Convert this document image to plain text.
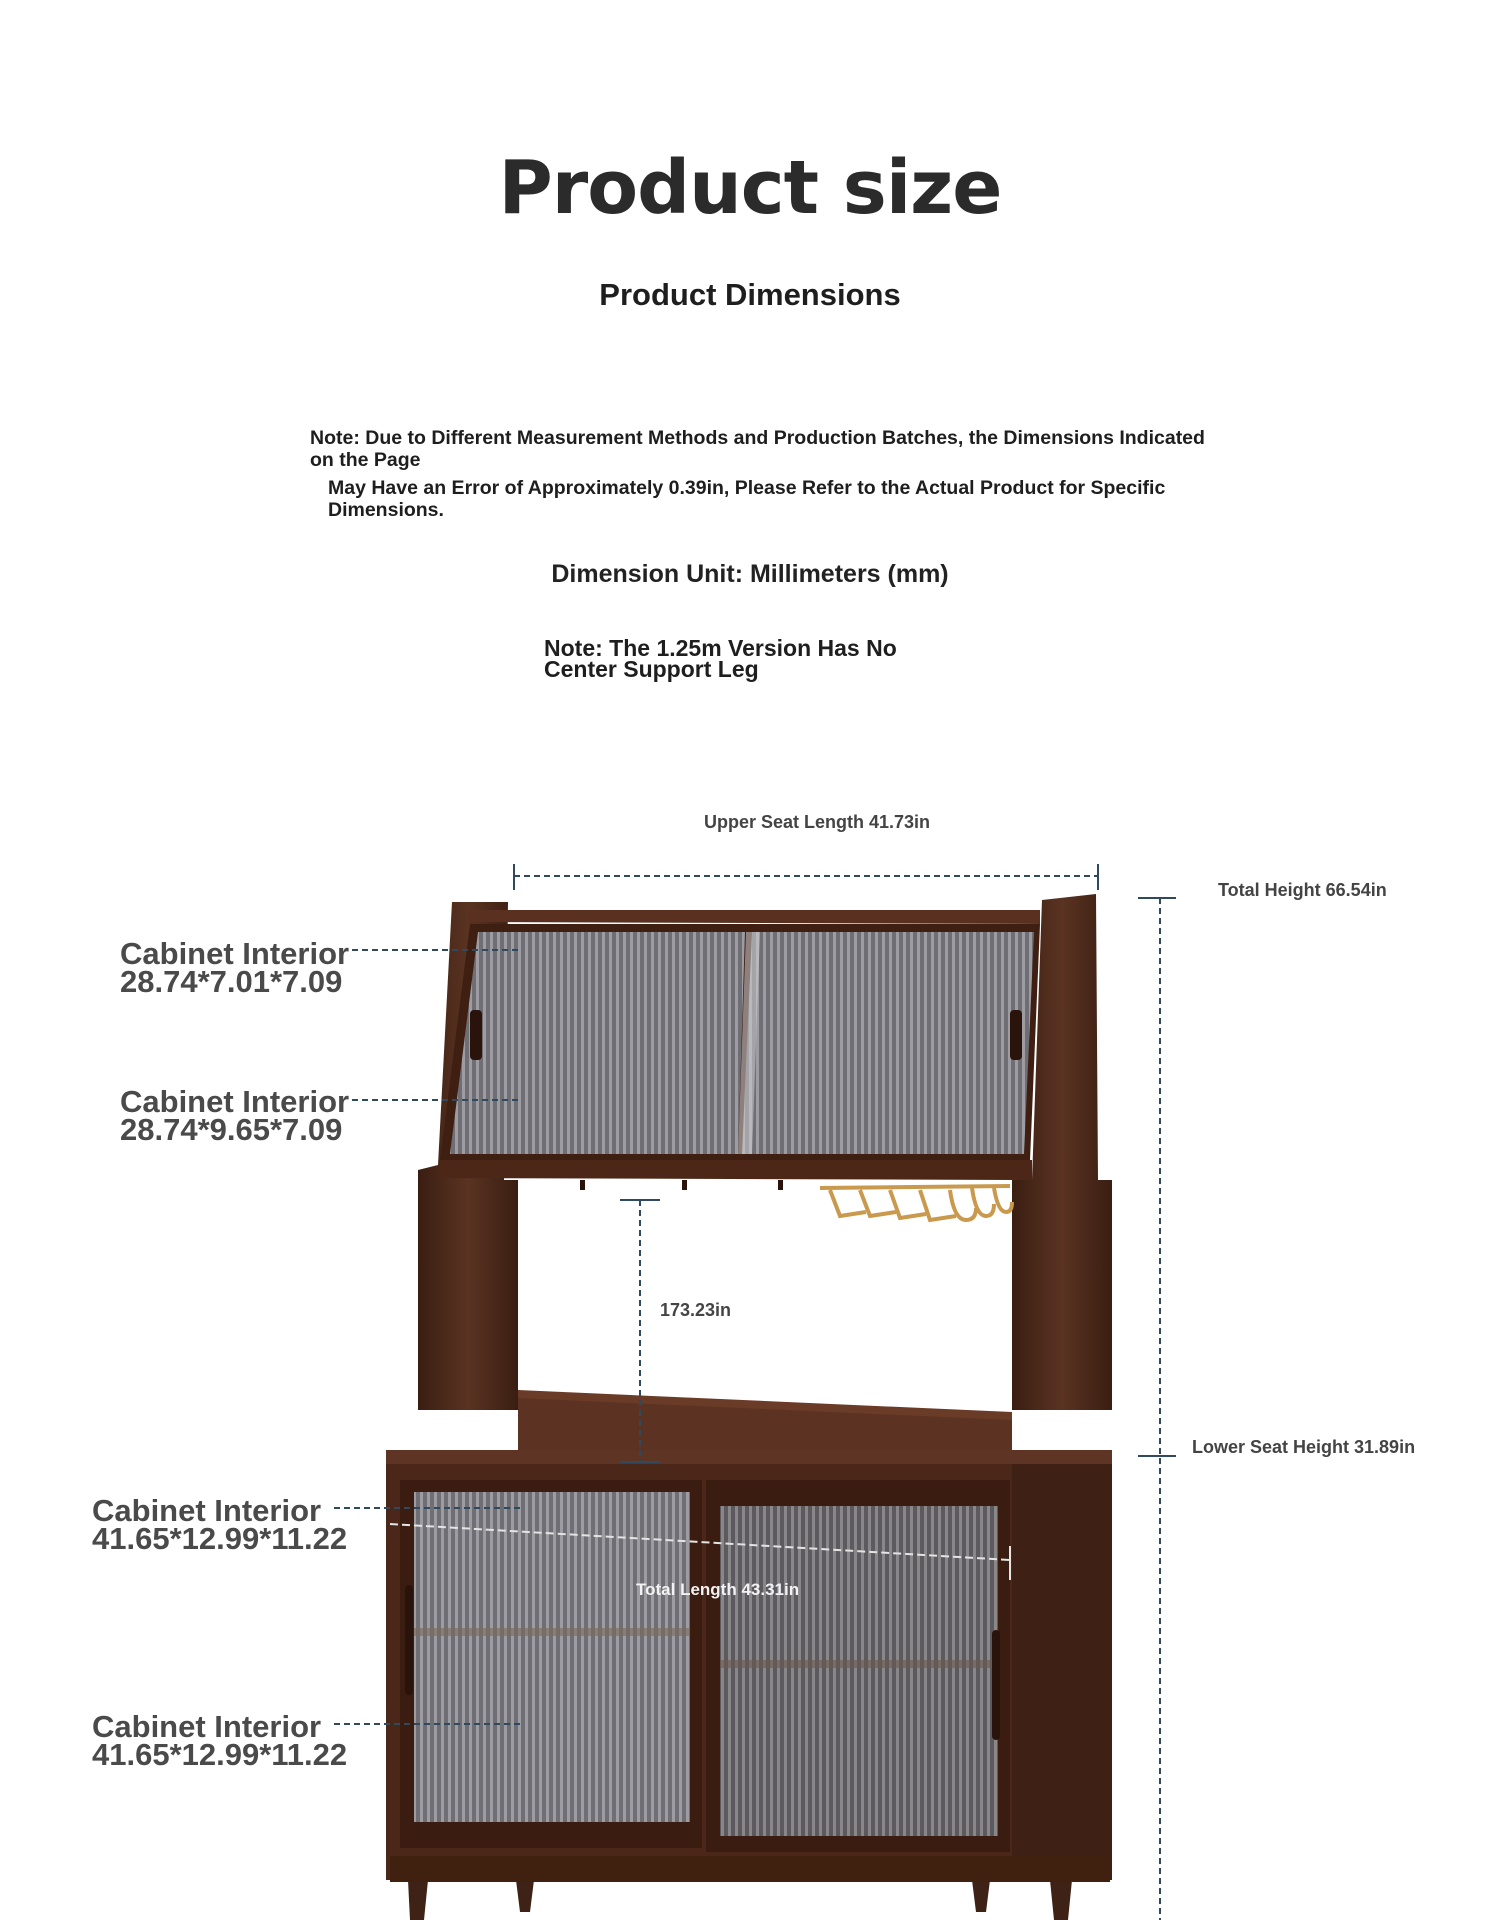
Product size
Product Dimensions
Note: Due to Different Measurement Methods and Production Batches, the Dimensions Indicated on the Page
May Have an Error of Approximately 0.39in, Please Refer to the Actual Product for Specific Dimensions.
Dimension Unit: Millimeters (mm)
Note: The 1.25m Version Has No Center Support Leg
Upper Seat Length 41.73in
Total Height 66.54in
173.23in
Lower Seat Height 31.89in
Total Length 43.31in
Cabinet Interior
28.74*7.01*7.09
Cabinet Interior
28.74*9.65*7.09
Cabinet Interior
41.65*12.99*11.22
Cabinet Interior
41.65*12.99*11.22
